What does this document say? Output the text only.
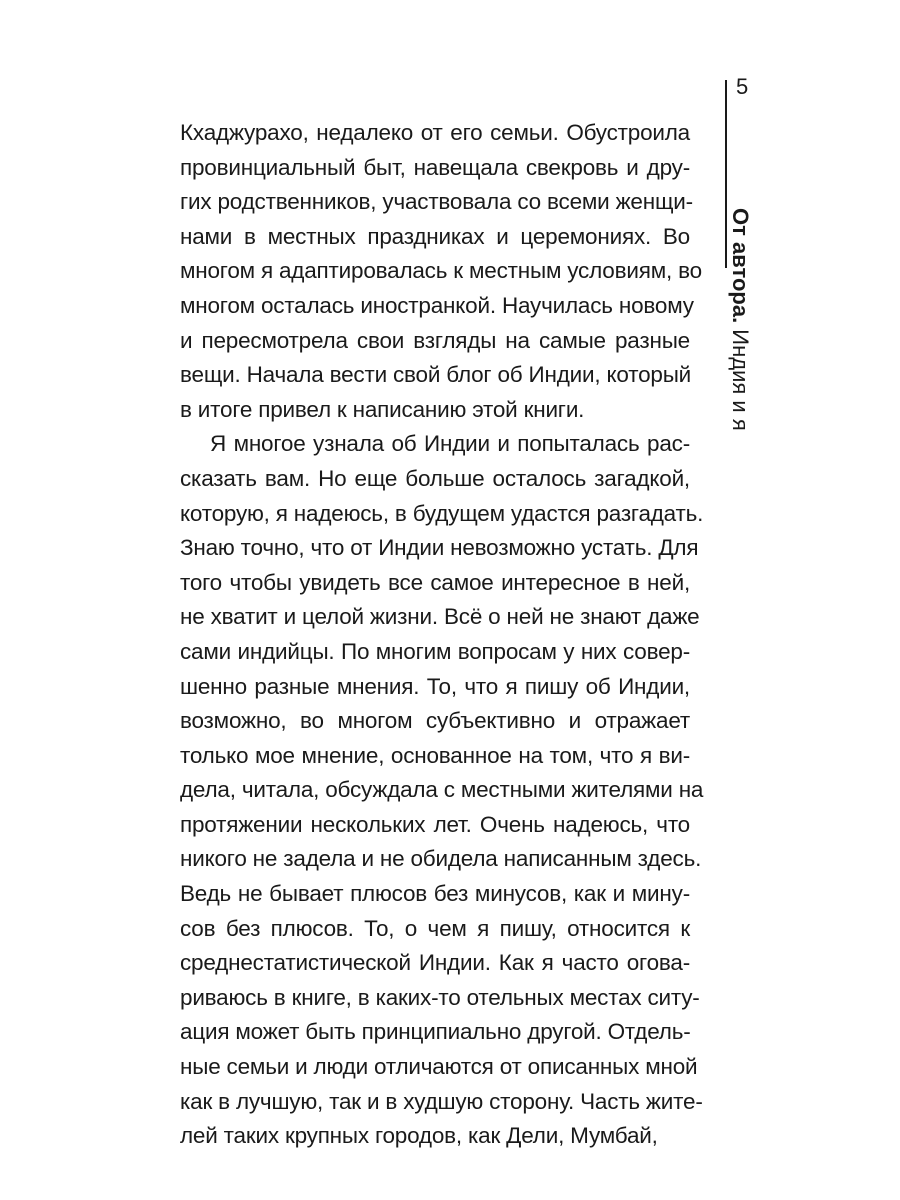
5
От автора. Индия и я
Кхаджурахо, недалеко от его семьи. Обустроила
провинциальный быт, навещала свекровь и дру-
гих родственников, участвовала со всеми женщи-
нами в местных праздниках и церемониях. Во
многом я адаптировалась к местным условиям, во
многом осталась иностранкой. Научилась новому
и пересмотрела свои взгляды на самые разные
вещи. Начала вести свой блог об Индии, который
в итоге привел к написанию этой книги.
Я многое узнала об Индии и попыталась рас-
сказать вам. Но еще больше осталось загадкой,
которую, я надеюсь, в будущем удастся разгадать.
Знаю точно, что от Индии невозможно устать. Для
того чтобы увидеть все самое интересное в ней,
не хватит и целой жизни. Всё о ней не знают даже
сами индийцы. По многим вопросам у них совер-
шенно разные мнения. То, что я пишу об Индии,
возможно, во многом субъективно и отражает
только мое мнение, основанное на том, что я ви-
дела, читала, обсуждала с местными жителями на
протяжении нескольких лет. Очень надеюсь, что
никого не задела и не обидела написанным здесь.
Ведь не бывает плюсов без минусов, как и мину-
сов без плюсов. То, о чем я пишу, относится к
среднестатистической Индии. Как я часто огова-
риваюсь в книге, в каких-то отельных местах ситу-
ация может быть принципиально другой. Отдель-
ные семьи и люди отличаются от описанных мной
как в лучшую, так и в худшую сторону. Часть жите-
лей таких крупных городов, как Дели, Мумбай,
